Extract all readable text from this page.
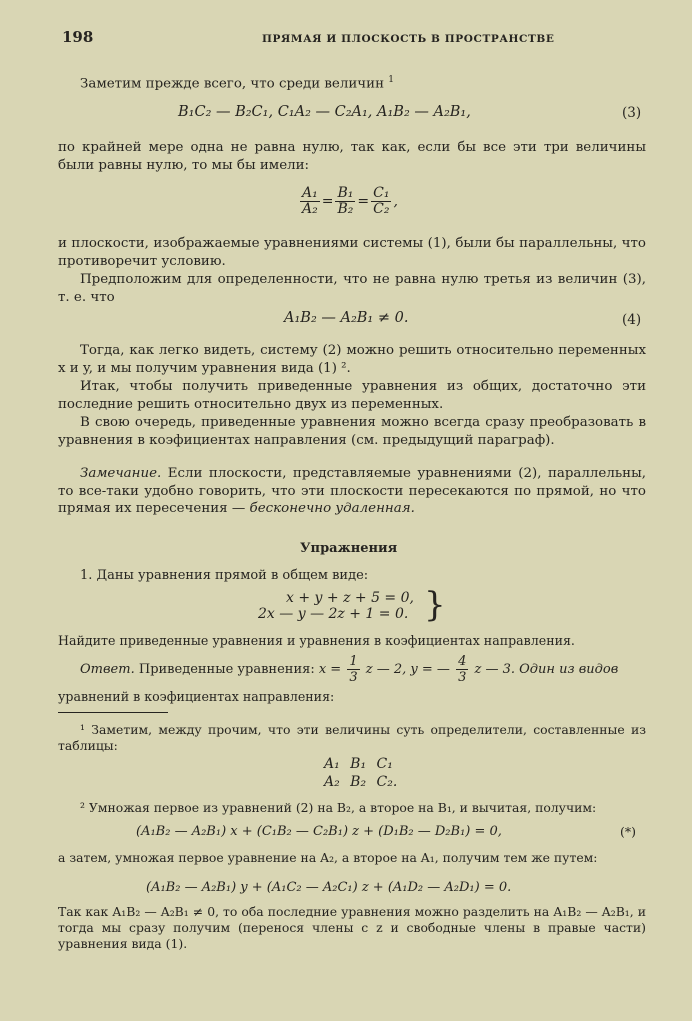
198	ПРЯМАЯ И ПЛОСКОСТЬ В ПРОСТРАНСТВЕ
Заметим прежде всего, что среди величин $^1$
B₁C₂ — B₂C₁, C₁A₂ — C₂A₁, A₁B₂ — A₂B₁,	(3)
по крайней мере одна не равна нулю, так как, если бы все эти три величины были равны нулю, то мы бы имели:
$\frac{\text{A₁}}{\text{A₂}} = \frac{\text{B₁}}{\text{B₂}} = \frac{\text{C₁}}{\text{C₂}}$ ,
и плоскости, изображаемые уравнениями системы (1), были бы параллельны, что противоречит условию.
Предположим для определенности, что не равна нулю третья из величин (3), т. е. что
A₁B₂ — A₂B₁ ≠ 0.	(4)
Тогда, как легко видеть, систему (2) можно решить относительно переменных x и y, и мы получим уравнения вида (1) ².
Итак, чтобы получить приведенные уравнения из общих, достаточно эти последние решить относительно двух из переменных.
В свою очередь, приведенные уравнения можно всегда сразу преобразовать в уравнения в коэфициентах направления (см. предыдущий параграф).
Замечание. Если плоскости, представляемые уравнениями (2), параллельны, то все-таки удобно говорить, что эти плоскости пересекаются по прямой, но что прямая их пересечения — бесконечно удаленная.
Упражнения
1. Даны уравнения прямой в общем виде:
x + y + z + 5 = 0,
2x — y — 2z + 1 = 0. }
Найдите приведенные уравнения и уравнения в коэфициентах направления.
Ответ. Приведенные уравнения: $x = \frac{1}{3}$ z — 2, y = — $\frac{4}{3}$ z — 3. Один из видов
уравнений в коэфициентах направления:
¹ Заметим, между прочим, что эти величины суть определители, составленные из таблицы:
A₁ B₁ C₁
A₂ B₂ C₂.
² Умножая первое из уравнений (2) на B₂, а второе на B₁, и вычитая, получим:
(A₁B₂ — A₂B₁) x + (C₁B₂ — C₂B₁) z + (D₁B₂ — D₂B₁) = 0,	(*)
а затем, умножая первое уравнение на A₂, а второе на A₁, получим тем же путем:
(A₁B₂ — A₂B₁) y + (A₁C₂ — A₂C₁) z + (A₁D₂ — A₂D₁) = 0.
Так как A₁B₂ — A₂B₁ ≠ 0, то оба последние уравнения можно разделить на A₁B₂ — A₂B₁, и тогда мы сразу получим (перенося члены с z и свободные члены в правые части) уравнения вида (1).
